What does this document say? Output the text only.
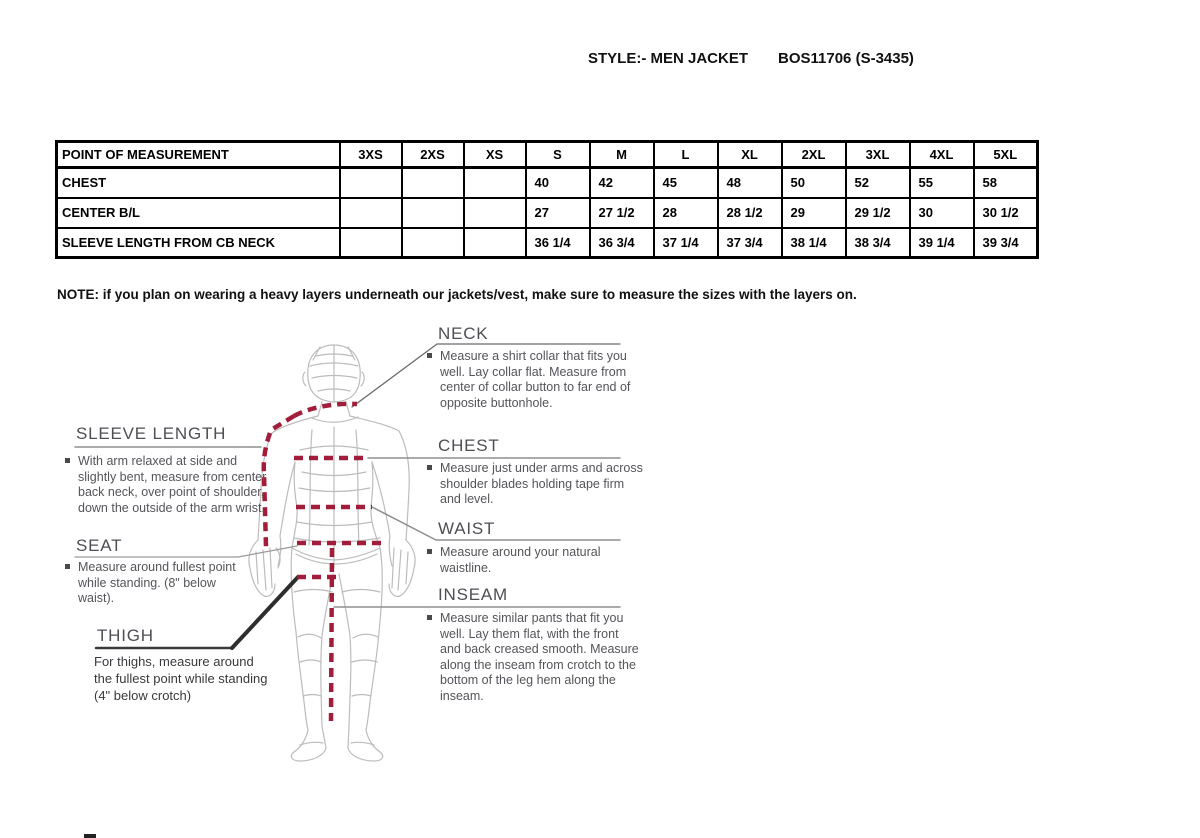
STYLE:- MEN JACKET BOS11706 (S-3435)
POINT OF MEASUREMENT	3XS	2XS	XS	S	M	L	XL	2XL	3XL	4XL	5XL
CHEST				40	42	45	48	50	52	55	58
CENTER B/L				27	27 1/2	28	28 1/2	29	29 1/2	30	30 1/2
SLEEVE LENGTH FROM CB NECK				36 1/4	36 3/4	37 1/4	37 3/4	38 1/4	38 3/4	39 1/4	39 3/4
NOTE: if you plan on wearing a heavy layers underneath our jackets/vest, make sure to measure the sizes with the layers on.
NECK
Measure a shirt collar that fits you well. Lay collar flat. Measure from center of collar button to far end of opposite buttonhole.
CHEST
Measure just under arms and across shoulder blades holding tape firm and level.
WAIST
Measure around your natural waistline.
INSEAM
Measure similar pants that fit you well. Lay them flat, with the front and back creased smooth. Measure along the inseam from crotch to the bottom of the leg hem along the inseam.
SLEEVE LENGTH
With arm relaxed at side and slightly bent, measure from center back neck, over point of shoulder, down the outside of the arm wrist.
SEAT
Measure around fullest point while standing. (8" below waist).
THIGH
For thighs, measure around the fullest point while standing (4" below crotch)
